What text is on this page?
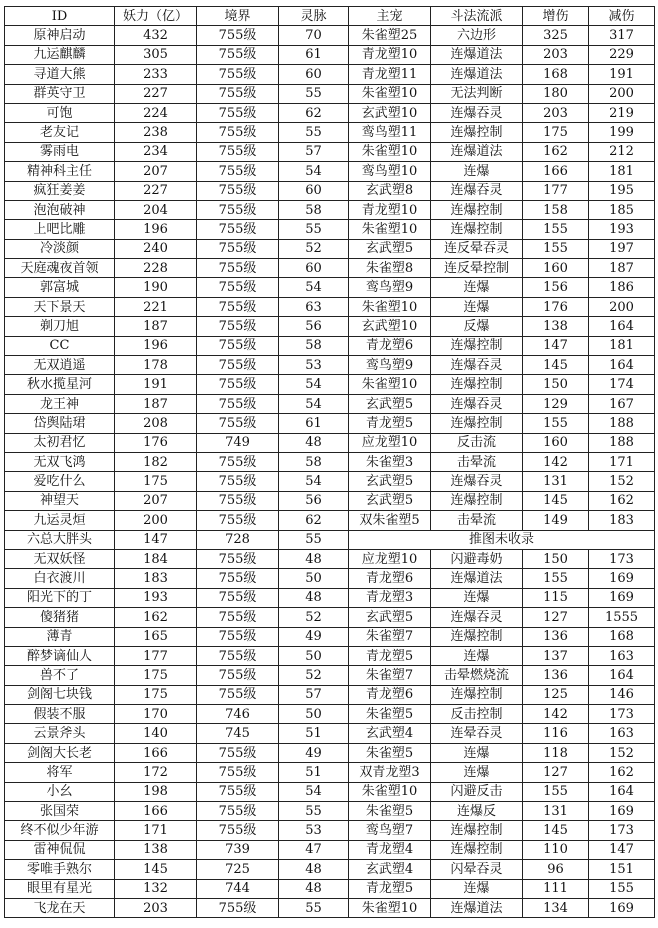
ID	妖力（亿）	境界	灵脉	主宠	斗法流派	增伤	减伤
原神启动	432	755级	70	朱雀塑25	六边形	325	317
九运麒麟	305	755级	61	青龙塑10	连爆道法	203	229
寻道大熊	233	755级	60	青龙塑11	连爆道法	168	191
群英守卫	227	755级	55	朱雀塑10	无法判断	180	200
可饱	224	755级	62	玄武塑10	连爆吞灵	203	219
老友记	238	755级	55	鸾鸟塑11	连爆控制	175	199
雾雨电	234	755级	57	朱雀塑10	连爆道法	162	212
精神科主任	207	755级	54	鸾鸟塑10	连爆	166	181
疯狂姜姜	227	755级	60	玄武塑8	连爆吞灵	177	195
泡泡破神	204	755级	58	青龙塑10	连爆控制	158	185
上吧比雕	196	755级	55	朱雀塑10	连爆控制	155	193
冷淡颜	240	755级	52	玄武塑5	连反晕吞灵	155	197
天庭魂夜首领	228	755级	60	朱雀塑8	连反晕控制	160	187
郭富城	190	755级	54	鸾鸟塑9	连爆	156	186
天下景天	221	755级	63	朱雀塑10	连爆	176	200
剃刀旭	187	755级	56	玄武塑10	反爆	138	164
CC	196	755级	58	青龙塑6	连爆控制	147	181
无双逍遥	178	755级	53	鸾鸟塑9	连爆吞灵	145	164
秋水揽星河	191	755级	54	朱雀塑10	连爆控制	150	174
龙王神	187	755级	54	玄武塑5	连爆吞灵	129	167
岱舆陆珺	208	755级	61	青龙塑5	连爆控制	155	188
太初君忆	176	749	48	应龙塑10	反击流	160	188
无双飞鸿	182	755级	58	朱雀塑3	击晕流	142	171
爱吃什么	175	755级	54	玄武塑5	连爆吞灵	131	152
神望天	207	755级	56	玄武塑5	连爆控制	145	162
九运灵烜	200	755级	62	双朱雀塑5	击晕流	149	183
六总大胖头	147	728	55	推图未收录			
无双妖怪	184	755级	48	应龙塑10	闪避毒奶	150	173
白衣渡川	183	755级	50	青龙塑6	连爆道法	155	169
阳光下的丁	193	755级	48	青龙塑3	连爆	115	169
傻猪猪	162	755级	52	玄武塑5	连爆吞灵	127	1555
薄青	165	755级	49	朱雀塑7	连爆控制	136	168
醉梦谪仙人	177	755级	50	青龙塑5	连爆	137	163
兽不了	175	755级	52	朱雀塑7	击晕燃烧流	136	164
剑阁七块钱	175	755级	57	青龙塑6	连爆控制	125	146
假装不服	170	746	50	朱雀塑5	反击控制	142	173
云景斧头	140	745	51	玄武塑4	连晕吞灵	116	163
剑阁大长老	166	755级	49	朱雀塑5	连爆	118	152
将军	172	755级	51	双青龙塑3	连爆	127	162
小幺	198	755级	54	朱雀塑10	闪避反击	155	164
张国荣	166	755级	55	朱雀塑5	连爆反	131	169
终不似少年游	171	755级	53	鸾鸟塑7	连爆控制	145	173
雷神侃侃	138	739	47	青龙塑4	连爆控制	110	147
零唯手熟尔	145	725	48	玄武塑4	闪晕吞灵	96	151
眼里有星光	132	744	48	青龙塑5	连爆	111	155
飞龙在天	203	755级	55	朱雀塑10	连爆道法	134	169
